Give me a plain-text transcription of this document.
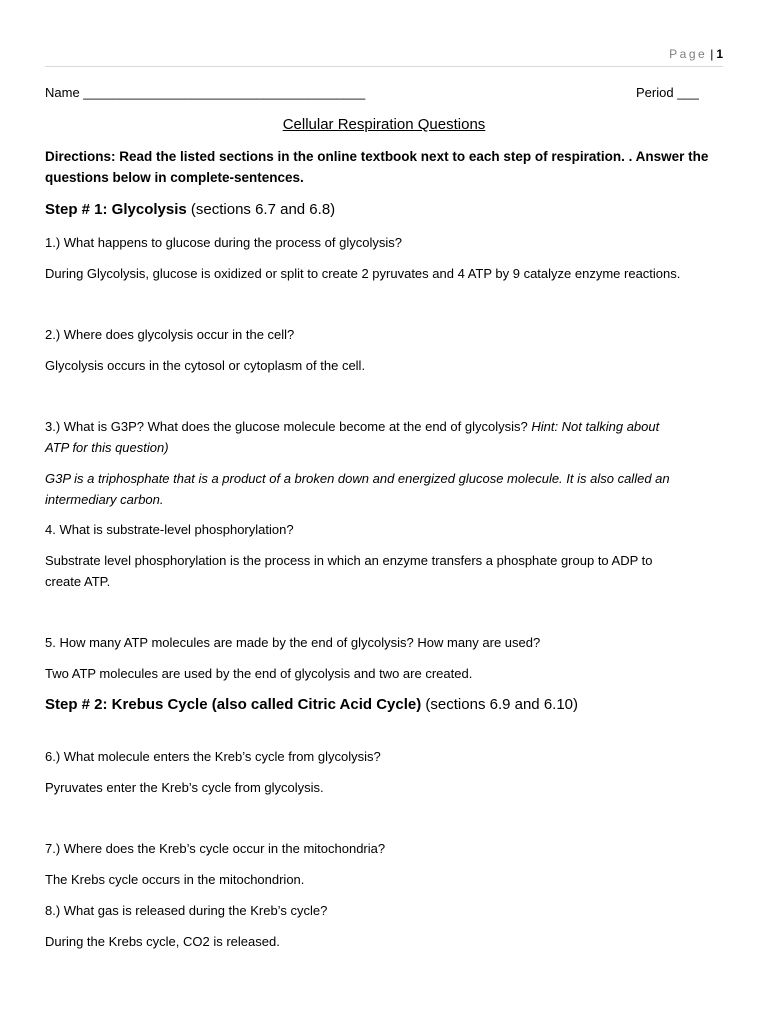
Page | 1
Name _______________________________________	Period ___
Cellular Respiration Questions
Directions: Read the listed sections in the online textbook next to each step of respiration. . Answer the
questions below in complete-sentences.
Step # 1: Glycolysis (sections 6.7 and 6.8)
1.) What happens to glucose during the process of glycolysis?
During Glycolysis, glucose is oxidized or split to create 2 pyruvates and 4 ATP by 9 catalyze enzyme reactions.
2.) Where does glycolysis occur in the cell?
Glycolysis occurs in the cytosol or cytoplasm of the cell.
3.) What is G3P? What does the glucose molecule become at the end of glycolysis? Hint: Not talking about
ATP for this question)
G3P is a triphosphate that is a product of a broken down and energized glucose molecule. It is also called an
intermediary carbon.
4. What is substrate-level phosphorylation?
Substrate level phosphorylation is the process in which an enzyme transfers a phosphate group to ADP to
create ATP.
5. How many ATP molecules are made by the end of glycolysis? How many are used?
Two ATP molecules are used by the end of glycolysis and two are created.
Step # 2: Krebus Cycle (also called Citric Acid Cycle) (sections 6.9 and 6.10)
6.) What molecule enters the Kreb’s cycle from glycolysis?
Pyruvates enter the Kreb’s cycle from glycolysis.
7.) Where does the Kreb’s cycle occur in the mitochondria?
The Krebs cycle occurs in the mitochondrion.
8.) What gas is released during the Kreb’s cycle?
During the Krebs cycle, CO2 is released.
